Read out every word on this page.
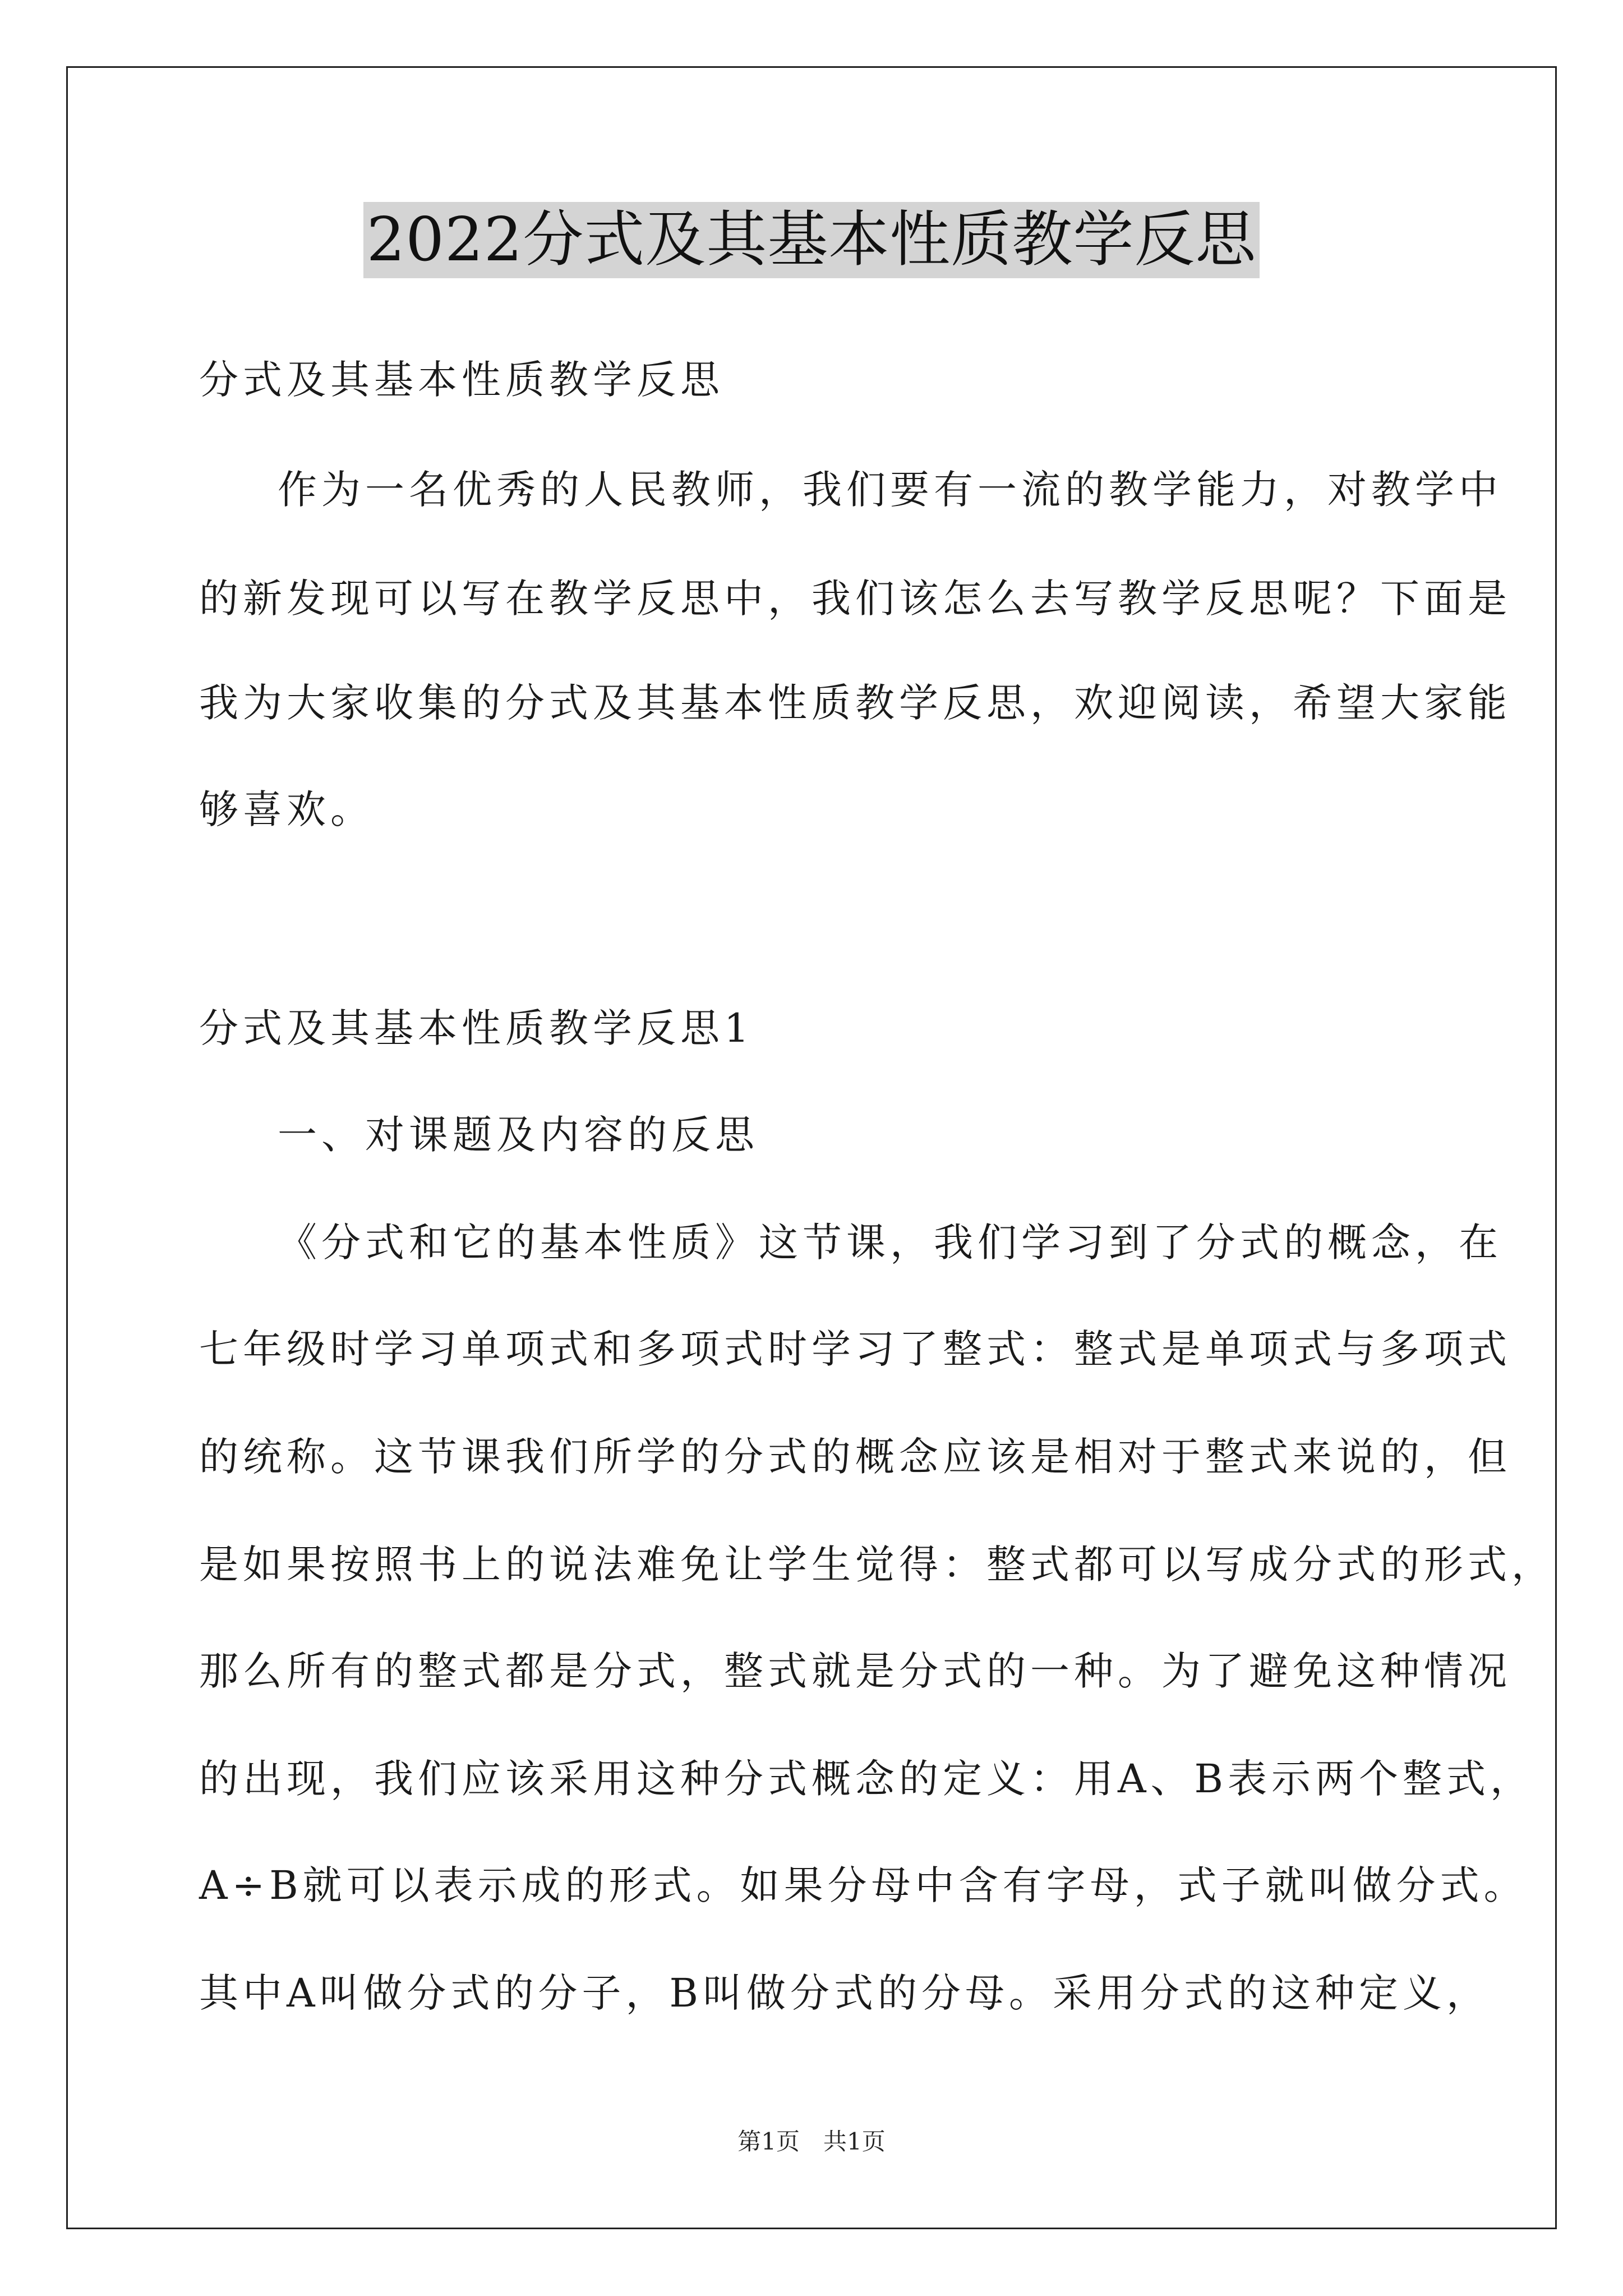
2022分式及其基本性质教学反思
分式及其基本性质教学反思
作为一名优秀的人民教师，我们要有一流的教学能力，对教学中
的新发现可以写在教学反思中，我们该怎么去写教学反思呢？下面是
我为大家收集的分式及其基本性质教学反思，欢迎阅读，希望大家能
够喜欢。
分式及其基本性质教学反思1
一、对课题及内容的反思
《分式和它的基本性质》这节课，我们学习到了分式的概念，在
七年级时学习单项式和多项式时学习了整式：整式是单项式与多项式
的统称。这节课我们所学的分式的概念应该是相对于整式来说的，但
是如果按照书上的说法难免让学生觉得：整式都可以写成分式的形式，
那么所有的整式都是分式，整式就是分式的一种。为了避免这种情况
的出现，我们应该采用这种分式概念的定义：用A、B表示两个整式，
A÷B就可以表示成的形式。如果分母中含有字母，式子就叫做分式。
其中A叫做分式的分子，B叫做分式的分母。采用分式的这种定义，
第1页　共1页
